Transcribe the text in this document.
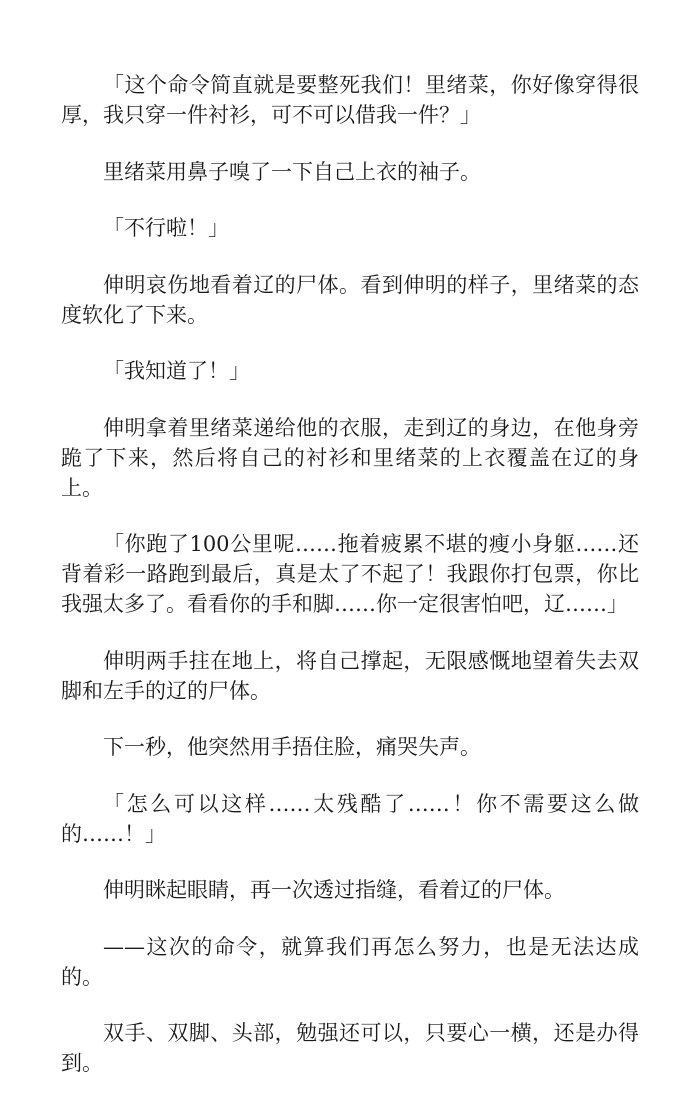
「这个命令简直就是要整死我们！里绪菜，你好像穿得很厚，我只穿一件衬衫，可不可以借我一件？」

里绪菜用鼻子嗅了一下自己上衣的袖子。

「不行啦！」

伸明哀伤地看着辽的尸体。看到伸明的样子，里绪菜的态度软化了下来。

「我知道了！」

伸明拿着里绪菜递给他的衣服，走到辽的身边，在他身旁跪了下来，然后将自己的衬衫和里绪菜的上衣覆盖在辽的身上。

「你跑了100公里呢……拖着疲累不堪的瘦小身躯……还背着彩一路跑到最后，真是太了不起了！我跟你打包票，你比我强太多了。看看你的手和脚……你一定很害怕吧，辽……」

伸明两手拄在地上，将自己撑起，无限感慨地望着失去双脚和左手的辽的尸体。

下一秒，他突然用手捂住脸，痛哭失声。

「怎么可以这样……太残酷了……！你不需要这么做的……！」

伸明眯起眼睛，再一次透过指缝，看着辽的尸体。

——这次的命令，就算我们再怎么努力，也是无法达成的。

双手、双脚、头部，勉强还可以，只要心一横，还是办得到。
